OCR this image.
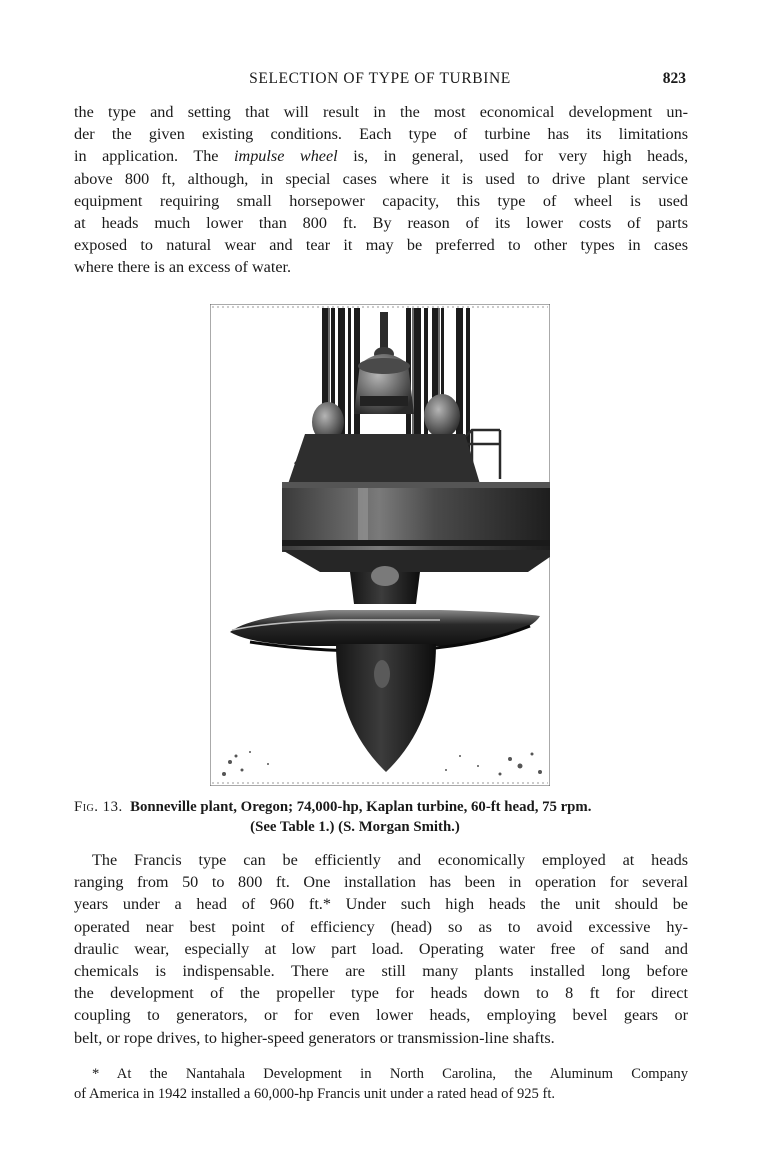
SELECTION OF TYPE OF TURBINE	823

the type and setting that will result in the most economical development un-
der the given existing conditions. Each type of turbine has its limitations
in application. The impulse wheel is, in general, used for very high heads,
above 800 ft, although, in special cases where it is used to drive plant service
equipment requiring small horsepower capacity, this type of wheel is used
at heads much lower than 800 ft. By reason of its lower costs of parts
exposed to natural wear and tear it may be preferred to other types in cases
where there is an excess of water.

Fig. 13. Bonneville plant, Oregon; 74,000-hp, Kaplan turbine, 60-ft head, 75 rpm.
(See Table 1.) (S. Morgan Smith.)

The Francis type can be efficiently and economically employed at heads
ranging from 50 to 800 ft. One installation has been in operation for several
years under a head of 960 ft.* Under such high heads the unit should be
operated near best point of efficiency (head) so as to avoid excessive hy-
draulic wear, especially at low part load. Operating water free of sand and
chemicals is indispensable. There are still many plants installed long before
the development of the propeller type for heads down to 8 ft for direct
coupling to generators, or for even lower heads, employing bevel gears or
belt, or rope drives, to higher-speed generators or transmission-line shafts.

* At the Nantahala Development in North Carolina, the Aluminum Company
of America in 1942 installed a 60,000-hp Francis unit under a rated head of 925 ft.
